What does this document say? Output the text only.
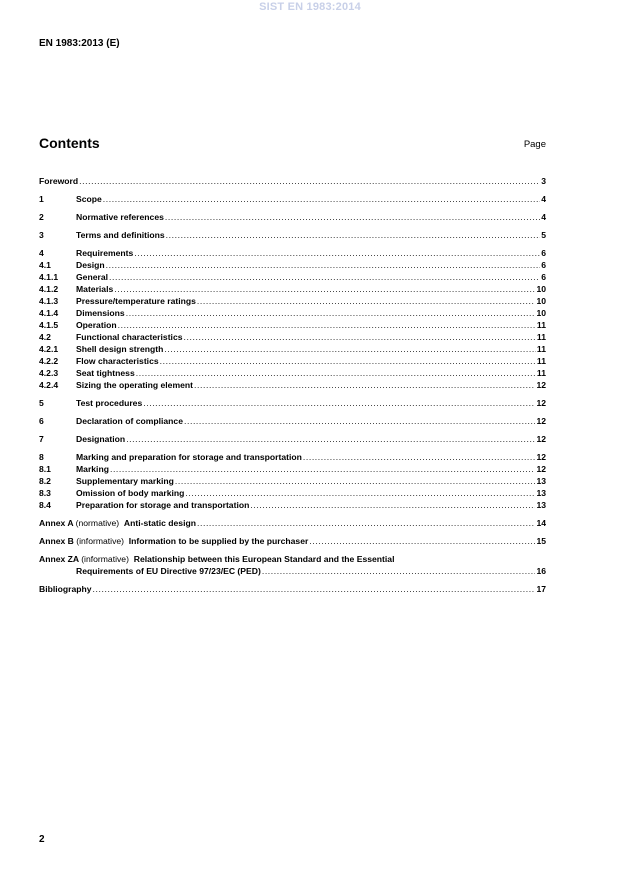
SIST EN 1983:2014
EN 1983:2013 (E)
Contents	Page
Foreword .....	3
1	Scope .....	4
2	Normative references .....	4
3	Terms and definitions .....	5
4	Requirements .....	6
4.1	Design .....	6
4.1.1	General .....	6
4.1.2	Materials .....	10
4.1.3	Pressure/temperature ratings .....	10
4.1.4	Dimensions .....	10
4.1.5	Operation .....	11
4.2	Functional characteristics .....	11
4.2.1	Shell design strength .....	11
4.2.2	Flow characteristics .....	11
4.2.3	Seat tightness .....	11
4.2.4	Sizing the operating element .....	12
5	Test procedures .....	12
6	Declaration of compliance .....	12
7	Designation .....	12
8	Marking and preparation for storage and transportation .....	12
8.1	Marking .....	12
8.2	Supplementary marking .....	13
8.3	Omission of body marking .....	13
8.4	Preparation for storage and transportation .....	13
Annex A (normative) Anti-static design .....	14
Annex B (informative) Information to be supplied by the purchaser .....	15
Annex ZA (informative) Relationship between this European Standard and the Essential
Requirements of EU Directive 97/23/EC (PED) .....	16
Bibliography .....	17
2
